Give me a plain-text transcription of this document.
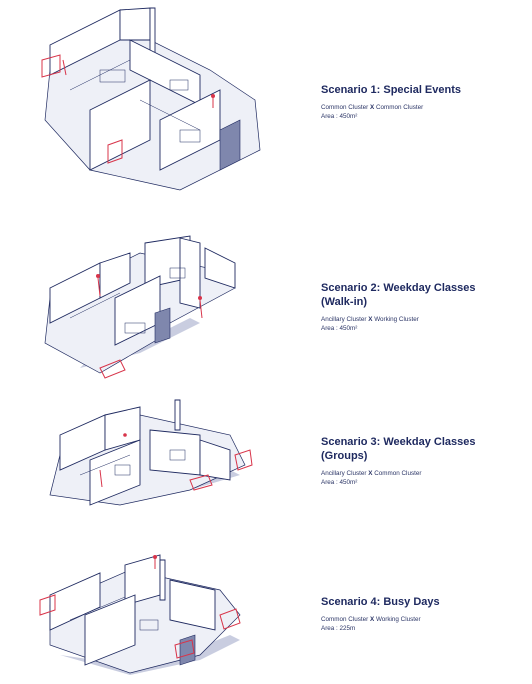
Scenario 1: Special Events
Common Cluster X Common Cluster
Area : 450m²
Scenario 2: Weekday Classes (Walk-in)
Ancillary Cluster X Working Cluster
Area : 450m²
Scenario 3: Weekday Classes (Groups)
Ancillary Cluster X Common Cluster
Area : 450m²
Scenario 4: Busy Days
Common Cluster X Working Cluster
Area : 225m
